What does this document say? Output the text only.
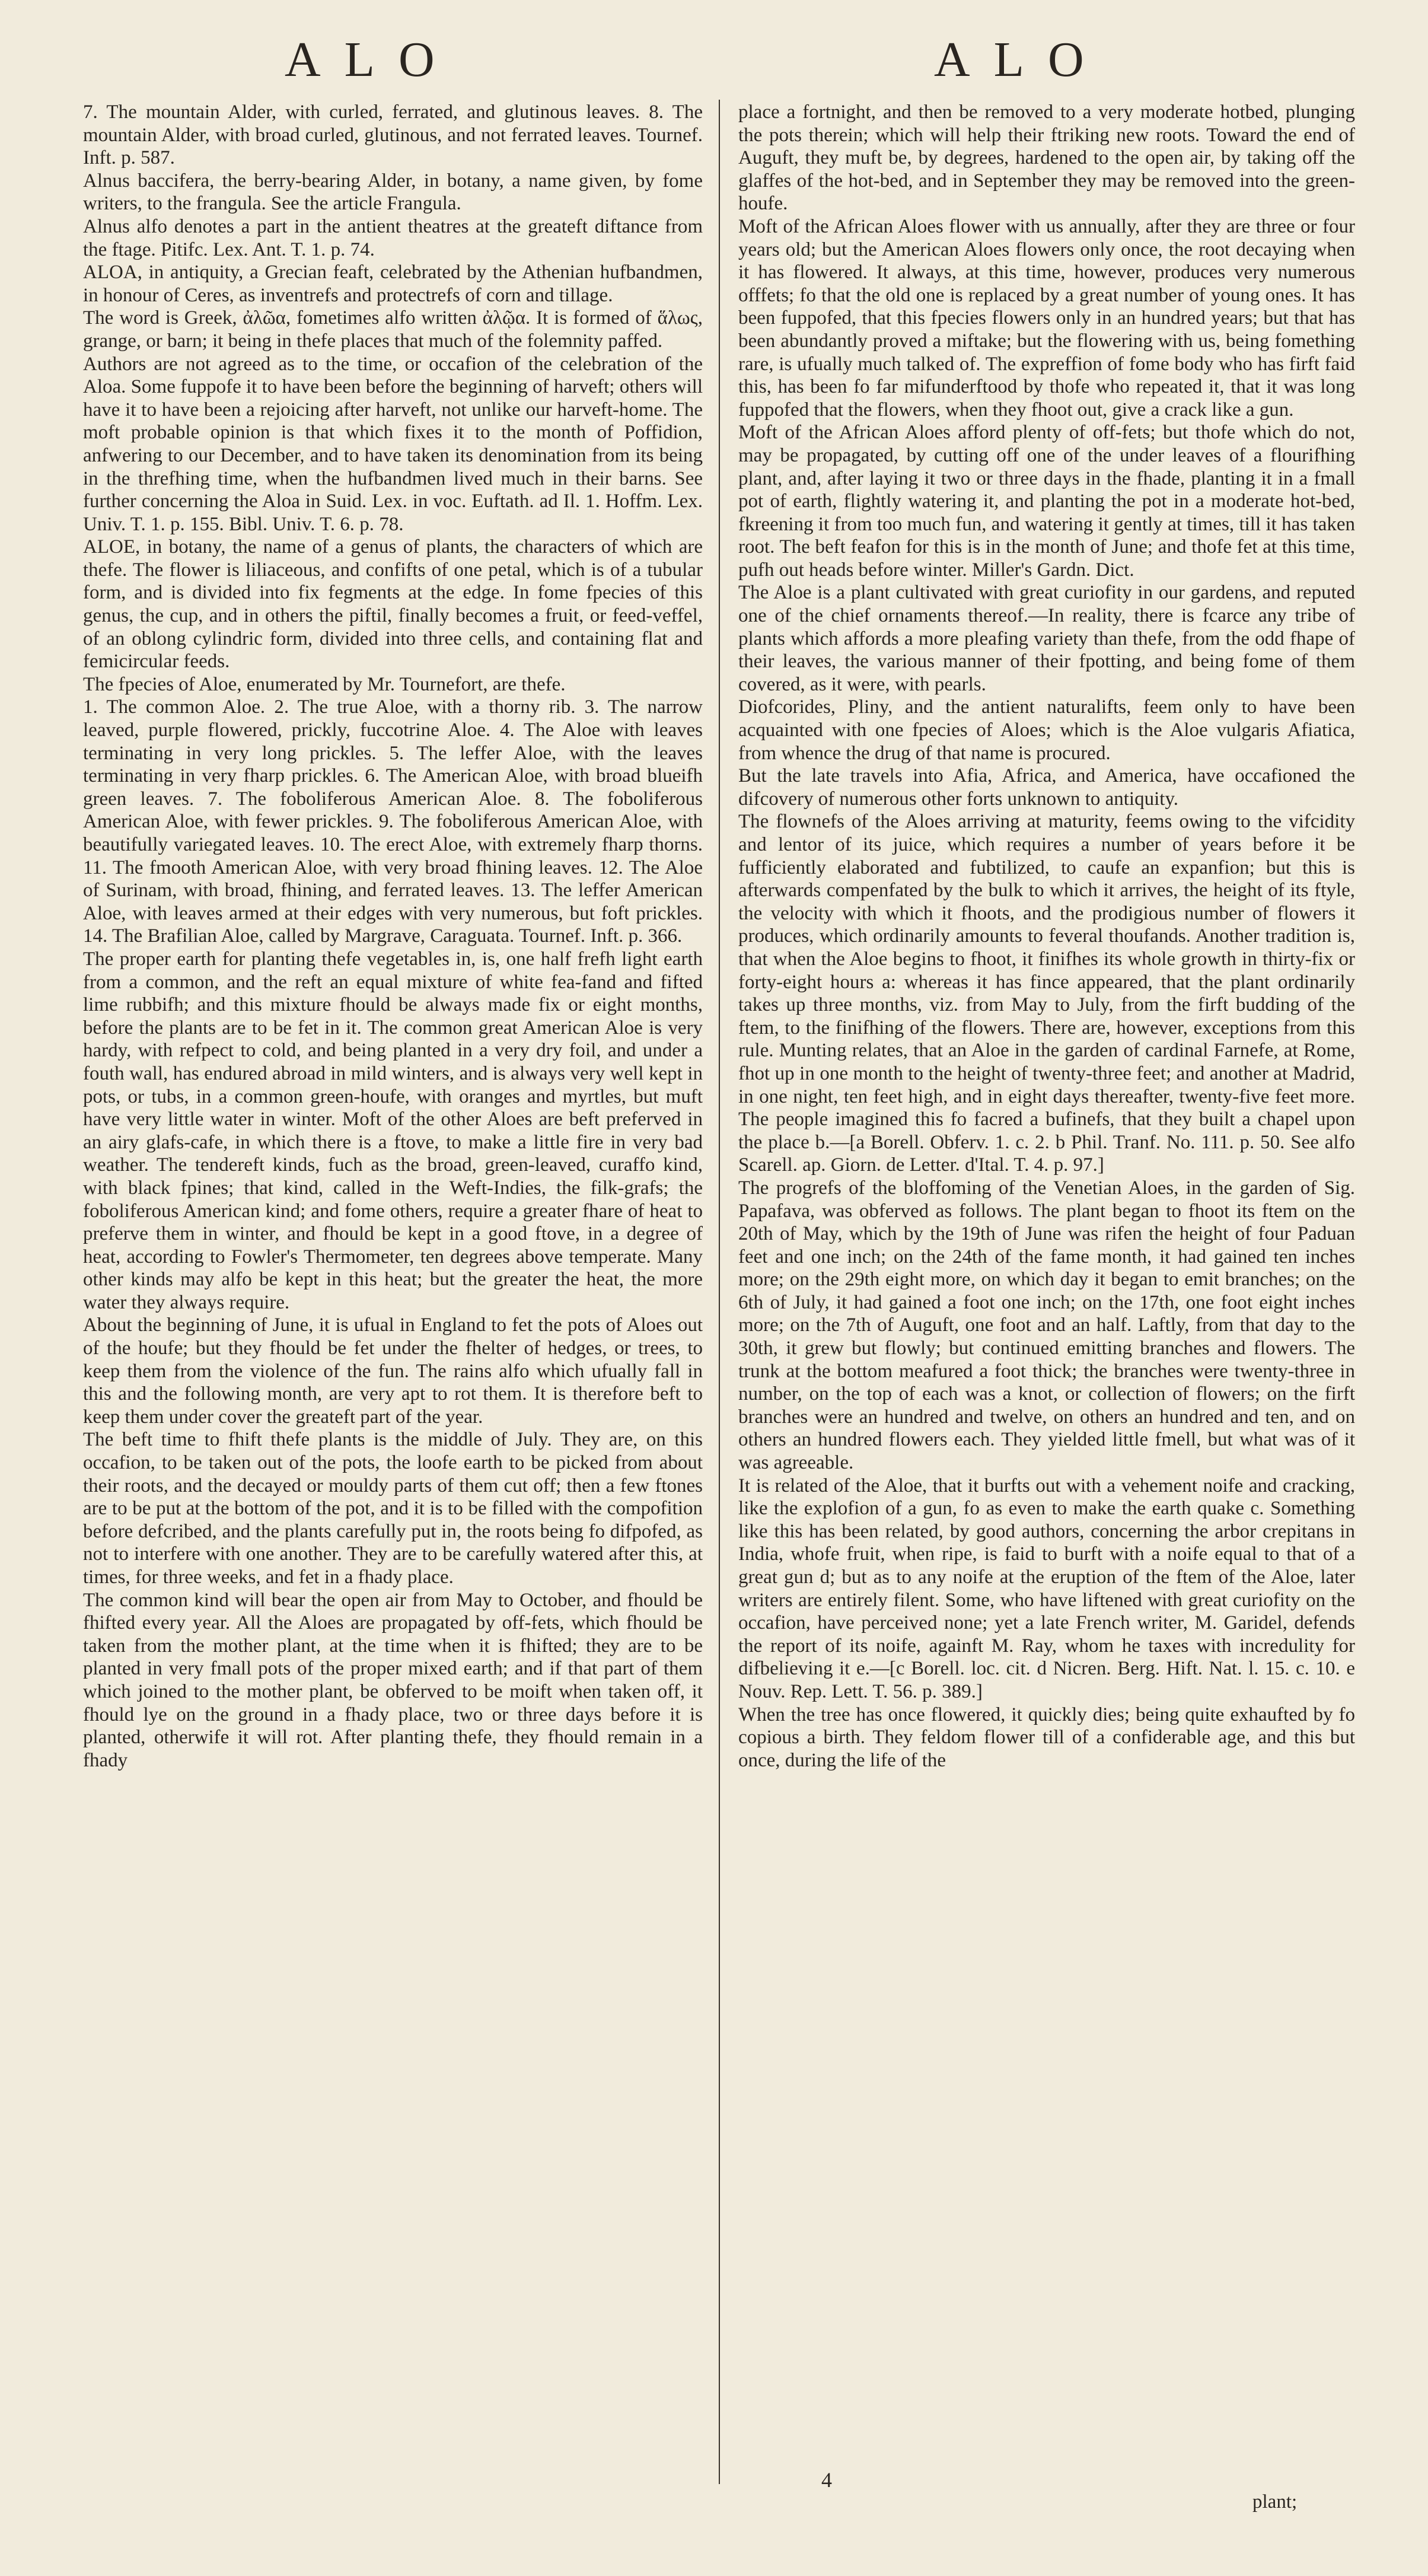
ALO	ALO

7. The mountain Alder, with curled, ferrated, and glutinous leaves. 8. The mountain Alder, with broad curled, glutinous, and not ferrated leaves. Tournef. Inft. p. 587.

Alnus baccifera, the berry-bearing Alder, in botany, a name given, by fome writers, to the frangula. See the article Frangula.

Alnus alfo denotes a part in the antient theatres at the greateft diftance from the ftage. Pitifc. Lex. Ant. T. 1. p. 74.

ALOA, in antiquity, a Grecian feaft, celebrated by the Athenian hufbandmen, in honour of Ceres, as inventrefs and protectrefs of corn and tillage.

The word is Greek, ἀλῶα, fometimes alfo written ἀλῷα. It is formed of ἅλως, grange, or barn; it being in thefe places that much of the folemnity paffed.

Authors are not agreed as to the time, or occafion of the celebration of the Aloa. Some fuppofe it to have been before the beginning of harveft; others will have it to have been a rejoicing after harveft, not unlike our harveft-home. The moft probable opinion is that which fixes it to the month of Poffidion, anfwering to our December, and to have taken its denomination from its being in the threfhing time, when the hufbandmen lived much in their barns. See further concerning the Aloa in Suid. Lex. in voc. Euftath. ad Il. 1. Hoffm. Lex. Univ. T. 1. p. 155. Bibl. Univ. T. 6. p. 78.

ALOE, in botany, the name of a genus of plants, the characters of which are thefe. The flower is liliaceous, and confifts of one petal, which is of a tubular form, and is divided into fix fegments at the edge. In fome fpecies of this genus, the cup, and in others the piftil, finally becomes a fruit, or feed-veffel, of an oblong cylindric form, divided into three cells, and containing flat and femicircular feeds.

The fpecies of Aloe, enumerated by Mr. Tournefort, are thefe.

1. The common Aloe. 2. The true Aloe, with a thorny rib. 3. The narrow leaved, purple flowered, prickly, fuccotrine Aloe. 4. The Aloe with leaves terminating in very long prickles. 5. The leffer Aloe, with the leaves terminating in very fharp prickles. 6. The American Aloe, with broad blueifh green leaves. 7. The foboliferous American Aloe. 8. The foboliferous American Aloe, with fewer prickles. 9. The foboliferous American Aloe, with beautifully variegated leaves. 10. The erect Aloe, with extremely fharp thorns. 11. The fmooth American Aloe, with very broad fhining leaves. 12. The Aloe of Surinam, with broad, fhining, and ferrated leaves. 13. The leffer American Aloe, with leaves armed at their edges with very numerous, but foft prickles. 14. The Brafilian Aloe, called by Margrave, Caraguata. Tournef. Inft. p. 366.

The proper earth for planting thefe vegetables in, is, one half frefh light earth from a common, and the reft an equal mixture of white fea-fand and fifted lime rubbifh; and this mixture fhould be always made fix or eight months, before the plants are to be fet in it. The common great American Aloe is very hardy, with refpect to cold, and being planted in a very dry foil, and under a fouth wall, has endured abroad in mild winters, and is always very well kept in pots, or tubs, in a common green-houfe, with oranges and myrtles, but muft have very little water in winter. Moft of the other Aloes are beft preferved in an airy glafs-cafe, in which there is a ftove, to make a little fire in very bad weather. The tendereft kinds, fuch as the broad, green-leaved, curaffo kind, with black fpines; that kind, called in the Weft-Indies, the filk-grafs; the foboliferous American kind; and fome others, require a greater fhare of heat to preferve them in winter, and fhould be kept in a good ftove, in a degree of heat, according to Fowler's Thermometer, ten degrees above temperate. Many other kinds may alfo be kept in this heat; but the greater the heat, the more water they always require.

About the beginning of June, it is ufual in England to fet the pots of Aloes out of the houfe; but they fhould be fet under the fhelter of hedges, or trees, to keep them from the violence of the fun. The rains alfo which ufually fall in this and the following month, are very apt to rot them. It is therefore beft to keep them under cover the greateft part of the year.

The beft time to fhift thefe plants is the middle of July. They are, on this occafion, to be taken out of the pots, the loofe earth to be picked from about their roots, and the decayed or mouldy parts of them cut off; then a few ftones are to be put at the bottom of the pot, and it is to be filled with the compofition before defcribed, and the plants carefully put in, the roots being fo difpofed, as not to interfere with one another. They are to be carefully watered after this, at times, for three weeks, and fet in a fhady place.

The common kind will bear the open air from May to October, and fhould be fhifted every year. All the Aloes are propagated by off-fets, which fhould be taken from the mother plant, at the time when it is fhifted; they are to be planted in very fmall pots of the proper mixed earth; and if that part of them which joined to the mother plant, be obferved to be moift when taken off, it fhould lye on the ground in a fhady place, two or three days before it is planted, otherwife it will rot. After planting thefe, they fhould remain in a fhady

place a fortnight, and then be removed to a very moderate hotbed, plunging the pots therein; which will help their ftriking new roots. Toward the end of Auguft, they muft be, by degrees, hardened to the open air, by taking off the glaffes of the hot-bed, and in September they may be removed into the green-houfe.

Moft of the African Aloes flower with us annually, after they are three or four years old; but the American Aloes flowers only once, the root decaying when it has flowered. It always, at this time, however, produces very numerous offfets; fo that the old one is replaced by a great number of young ones. It has been fuppofed, that this fpecies flowers only in an hundred years; but that has been abundantly proved a miftake; but the flowering with us, being fomething rare, is ufually much talked of. The expreffion of fome body who has firft faid this, has been fo far mifunderftood by thofe who repeated it, that it was long fuppofed that the flowers, when they fhoot out, give a crack like a gun.

Moft of the African Aloes afford plenty of off-fets; but thofe which do not, may be propagated, by cutting off one of the under leaves of a flourifhing plant, and, after laying it two or three days in the fhade, planting it in a fmall pot of earth, flightly watering it, and planting the pot in a moderate hot-bed, fkreening it from too much fun, and watering it gently at times, till it has taken root. The beft feafon for this is in the month of June; and thofe fet at this time, pufh out heads before winter. Miller's Gardn. Dict.

The Aloe is a plant cultivated with great curiofity in our gardens, and reputed one of the chief ornaments thereof.—In reality, there is fcarce any tribe of plants which affords a more pleafing variety than thefe, from the odd fhape of their leaves, the various manner of their fpotting, and being fome of them covered, as it were, with pearls.

Diofcorides, Pliny, and the antient naturalifts, feem only to have been acquainted with one fpecies of Aloes; which is the Aloe vulgaris Afiatica, from whence the drug of that name is procured.

But the late travels into Afia, Africa, and America, have occafioned the difcovery of numerous other forts unknown to antiquity.

The flownefs of the Aloes arriving at maturity, feems owing to the vifcidity and lentor of its juice, which requires a number of years before it be fufficiently elaborated and fubtilized, to caufe an expanfion; but this is afterwards compenfated by the bulk to which it arrives, the height of its ftyle, the velocity with which it fhoots, and the prodigious number of flowers it produces, which ordinarily amounts to feveral thoufands. Another tradition is, that when the Aloe begins to fhoot, it finifhes its whole growth in thirty-fix or forty-eight hours a: whereas it has fince appeared, that the plant ordinarily takes up three months, viz. from May to July, from the firft budding of the ftem, to the finifhing of the flowers. There are, however, exceptions from this rule. Munting relates, that an Aloe in the garden of cardinal Farnefe, at Rome, fhot up in one month to the height of twenty-three feet; and another at Madrid, in one night, ten feet high, and in eight days thereafter, twenty-five feet more. The people imagined this fo facred a bufinefs, that they built a chapel upon the place b.—[a Borell. Obferv. 1. c. 2. b Phil. Tranf. No. 111. p. 50. See alfo Scarell. ap. Giorn. de Letter. d'Ital. T. 4. p. 97.]

The progrefs of the bloffoming of the Venetian Aloes, in the garden of Sig. Papafava, was obferved as follows. The plant began to fhoot its ftem on the 20th of May, which by the 19th of June was rifen the height of four Paduan feet and one inch; on the 24th of the fame month, it had gained ten inches more; on the 29th eight more, on which day it began to emit branches; on the 6th of July, it had gained a foot one inch; on the 17th, one foot eight inches more; on the 7th of Auguft, one foot and an half. Laftly, from that day to the 30th, it grew but flowly; but continued emitting branches and flowers. The trunk at the bottom meafured a foot thick; the branches were twenty-three in number, on the top of each was a knot, or collection of flowers; on the firft branches were an hundred and twelve, on others an hundred and ten, and on others an hundred flowers each. They yielded little fmell, but what was of it was agreeable.

It is related of the Aloe, that it burfts out with a vehement noife and cracking, like the explofion of a gun, fo as even to make the earth quake c. Something like this has been related, by good authors, concerning the arbor crepitans in India, whofe fruit, when ripe, is faid to burft with a noife equal to that of a great gun d; but as to any noife at the eruption of the ftem of the Aloe, later writers are entirely filent. Some, who have liftened with great curiofity on the occafion, have perceived none; yet a late French writer, M. Garidel, defends the report of its noife, againft M. Ray, whom he taxes with incredulity for difbelieving it e.—[c Borell. loc. cit. d Nicren. Berg. Hift. Nat. l. 15. c. 10. e Nouv. Rep. Lett. T. 56. p. 389.]

When the tree has once flowered, it quickly dies; being quite exhaufted by fo copious a birth. They feldom flower till of a confiderable age, and this but once, during the life of the

4
plant;
